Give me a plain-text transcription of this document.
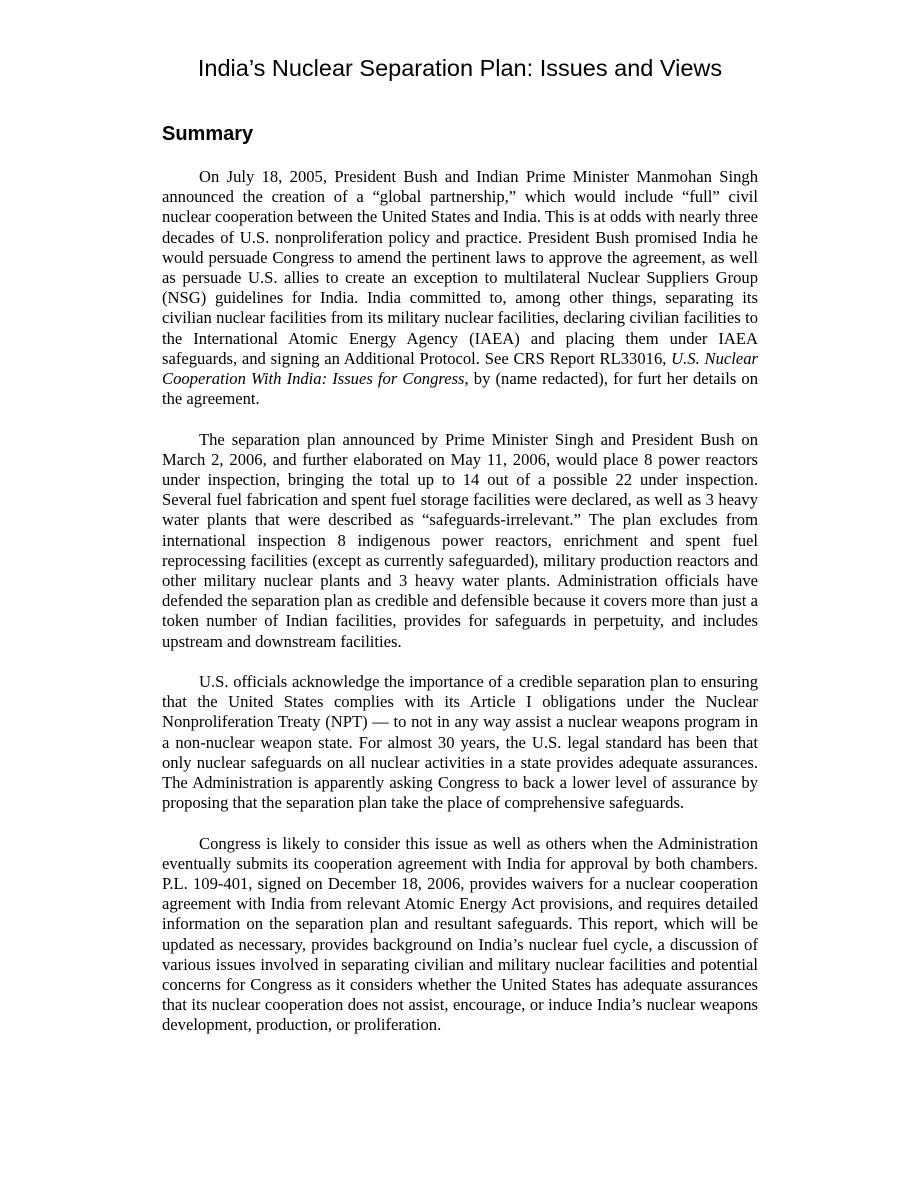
India’s Nuclear Separation Plan: Issues and Views
Summary

On July 18, 2005, President Bush and Indian Prime Minister Manmohan Singh announced the creation of a “global partnership,” which would include “full” civil nuclear cooperation between the United States and India. This is at odds with nearly three decades of U.S. nonproliferation policy and practice. President Bush promised India he would persuade Congress to amend the pertinent laws to approve the agreement, as well as persuade U.S. allies to create an exception to multilateral Nuclear Suppliers Group (NSG) guidelines for India. India committed to, among other things, separating its civilian nuclear facilities from its military nuclear facilities, declaring civilian facilities to the International Atomic Energy Agency (IAEA) and placing them under IAEA safeguards, and signing an Additional Protocol. See CRS Report RL33016, U.S. Nuclear Cooperation With India: Issues for Congress, by (name redacted), for furt her details on the agreement.

The separation plan announced by Prime Minister Singh and President Bush on March 2, 2006, and further elaborated on May 11, 2006, would place 8 power reactors under inspection, bringing the total up to 14 out of a possible 22 under inspection. Several fuel fabrication and spent fuel storage facilities were declared, as well as 3 heavy water plants that were described as “safeguards-irrelevant.” The plan excludes from international inspection 8 indigenous power reactors, enrichment and spent fuel reprocessing facilities (except as currently safeguarded), military production reactors and other military nuclear plants and 3 heavy water plants. Administration officials have defended the separation plan as credible and defensible because it covers more than just a token number of Indian facilities, provides for safeguards in perpetuity, and includes upstream and downstream facilities.

U.S. officials acknowledge the importance of a credible separation plan to ensuring that the United States complies with its Article I obligations under the Nuclear Nonproliferation Treaty (NPT) — to not in any way assist a nuclear weapons program in a non-nuclear weapon state. For almost 30 years, the U.S. legal standard has been that only nuclear safeguards on all nuclear activities in a state provides adequate assurances. The Administration is apparently asking Congress to back a lower level of assurance by proposing that the separation plan take the place of comprehensive safeguards.

Congress is likely to consider this issue as well as others when the Administration eventually submits its cooperation agreement with India for approval by both chambers. P.L. 109-401, signed on December 18, 2006, provides waivers for a nuclear cooperation agreement with India from relevant Atomic Energy Act provisions, and requires detailed information on the separation plan and resultant safeguards. This report, which will be updated as necessary, provides background on India’s nuclear fuel cycle, a discussion of various issues involved in separating civilian and military nuclear facilities and potential concerns for Congress as it considers whether the United States has adequate assurances that its nuclear cooperation does not assist, encourage, or induce India’s nuclear weapons development, production, or proliferation.
